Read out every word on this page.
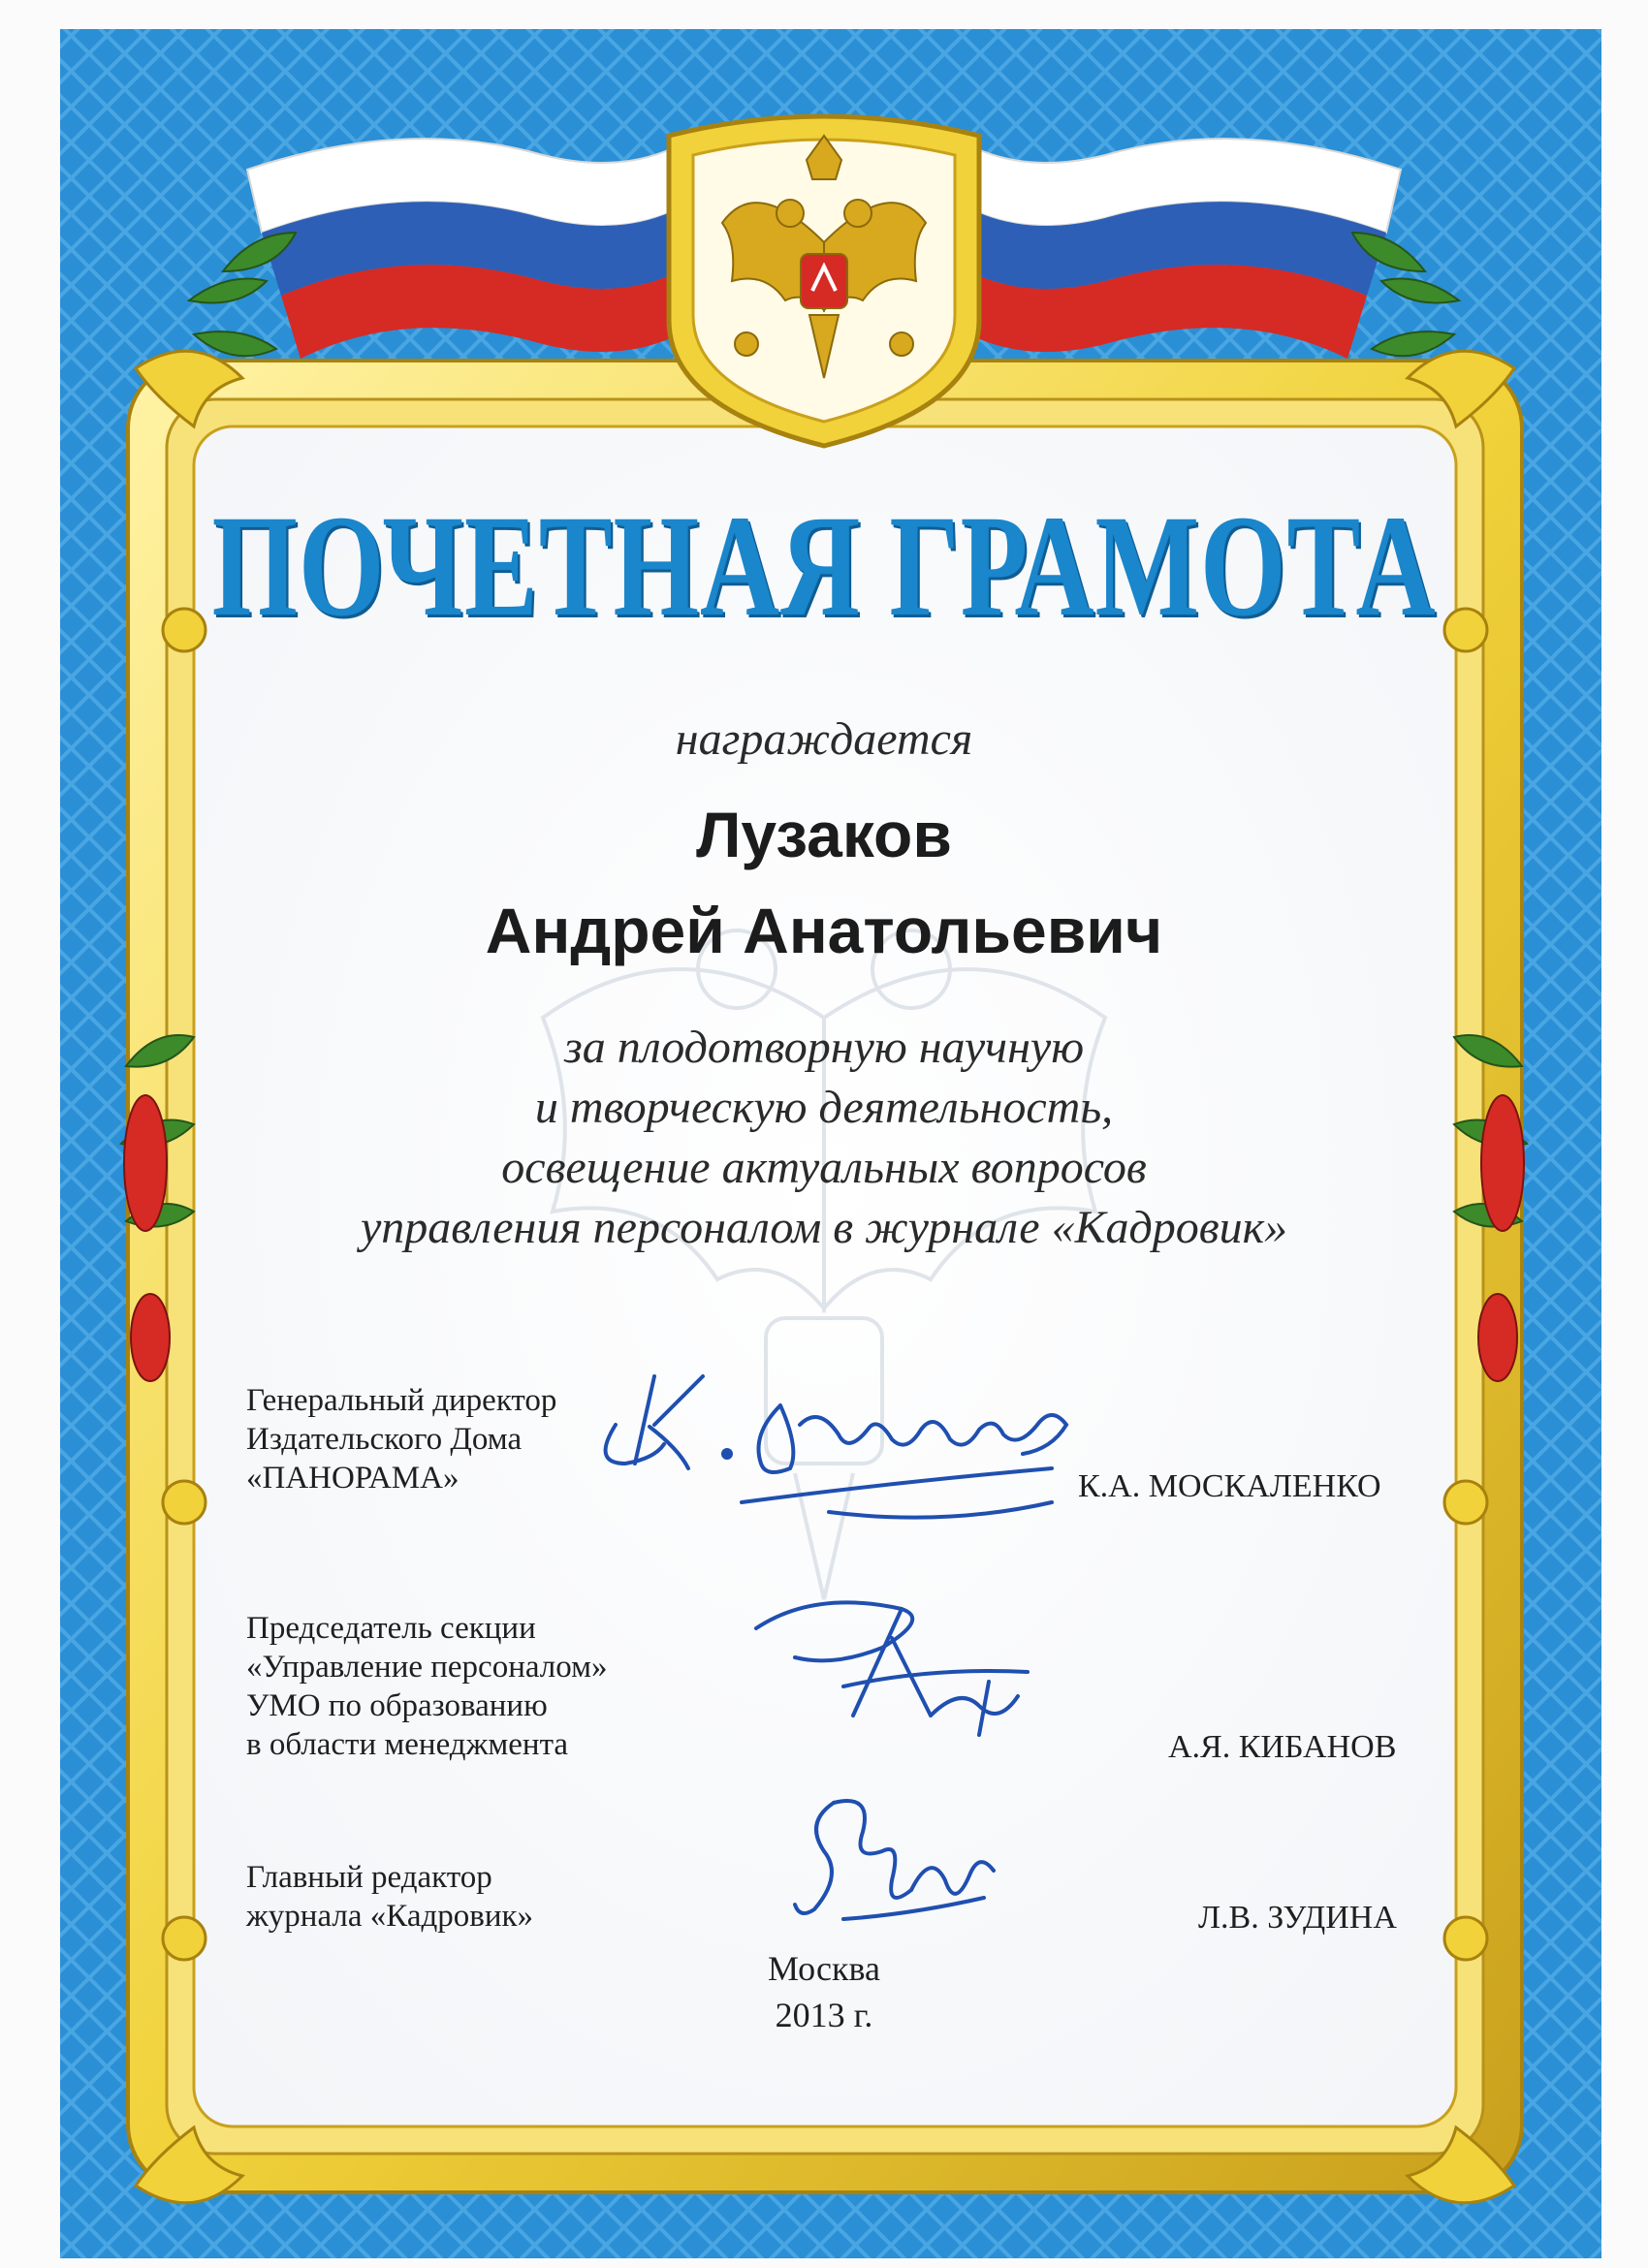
ПОЧЕТНАЯ ГРАМОТА
награждается
Лузаков
Андрей Анатольевич
за плодотворную научную
и творческую деятельность,
освещение актуальных вопросов
управления персоналом в журнале «Кадровик»
Генеральный директор
Издательского Дома
«ПАНОРАМА»	К.А. МОСКАЛЕНКО
Председатель секции
«Управление персоналом»
УМО по образованию
в области менеджмента	А.Я. КИБАНОВ
Главный редактор
журнала «Кадровик»	Л.В. ЗУДИНА
Москва
2013 г.
